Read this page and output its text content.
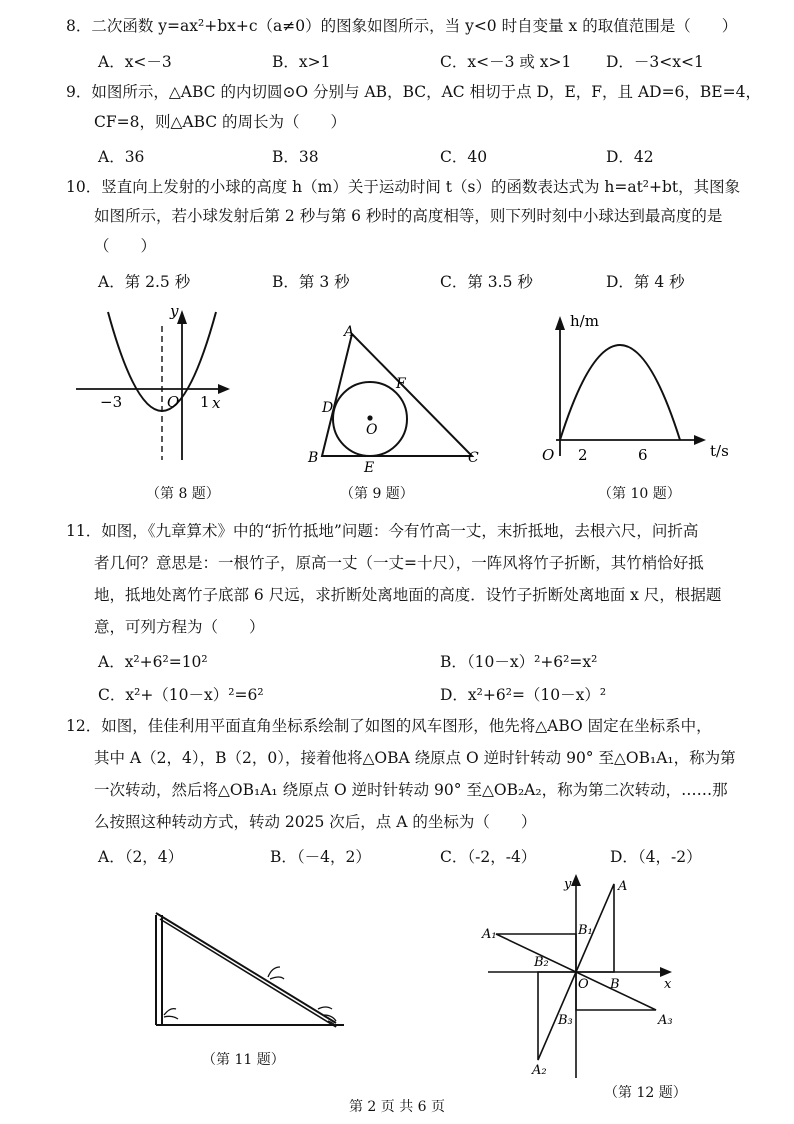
8．二次函数 y=ax²+bx+c（a≠0）的图象如图所示，当 y<0 时自变量 x 的取值范围是（　　）
A．x<－3	B．x>1	C．x<－3 或 x>1 D．－3<x<1
9．如图所示，△ABC 的内切圆⊙O 分别与 AB，BC，AC 相切于点 D，E，F，且 AD=6，BE=4，
CF=8，则△ABC 的周长为（　　）
A．36	B．38	C．40	D．42
10．竖直向上发射的小球的高度 h（m）关于运动时间 t（s）的函数表达式为 h=at²+bt，其图象
如图所示，若小球发射后第 2 秒与第 6 秒时的高度相等，则下列时刻中小球达到最高度的是
（　　）
A．第 2.5 秒	B．第 3 秒	C．第 3.5 秒	D．第 4 秒
y
x
−3	O 1
（第 8 题）
A
B	C
D
E
F
O
（第 9 题）
h/m
t/s
O 2	6
（第 10 题）
11．如图，《九章算术》中的“折竹抵地”问题：今有竹高一丈，末折抵地，去根六尺，问折高
者几何？意思是：一根竹子，原高一丈（一丈=十尺），一阵风将竹子折断，其竹梢恰好抵
地，抵地处离竹子底部 6 尺远，求折断处离地面的高度．设竹子折断处离地面 x 尺，根据题
意，可列方程为（　　）
A．x²+6²=10²	B．（10－x）²+6²=x²
C．x²+（10－x）²=6²	D．x²+6²=（10－x）²
12．如图，佳佳利用平面直角坐标系绘制了如图的风车图形，他先将△ABO 固定在坐标系中，
其中 A（2，4），B（2，0），接着他将△OBA 绕原点 O 逆时针转动 90° 至△OB₁A₁，称为第
一次转动，然后将△OB₁A₁ 绕原点 O 逆时针转动 90° 至△OB₂A₂，称为第二次转动，……那
么按照这种转动方式，转动 2025 次后，点 A 的坐标为（　　）
A．（2，4）	B．（－4，2）	C．（-2，-4）	D．（4，-2）
（第 11 题）
A
B
y
x
O
A₁	B₁
A₂
B₂
A₃
B₃
（第 12 题）
第 2 页 共 6 页
